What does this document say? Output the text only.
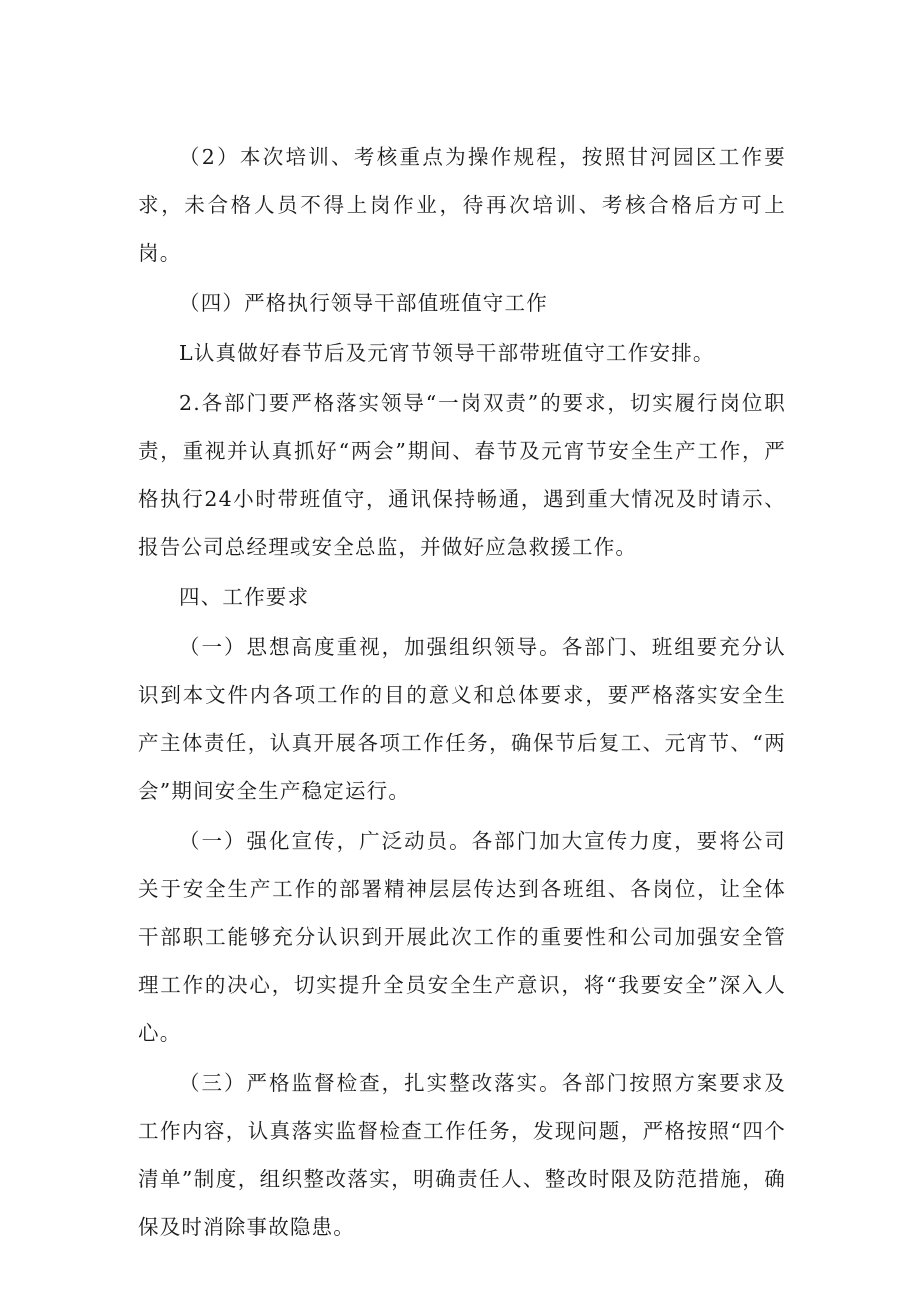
（2）本次培训、考核重点为操作规程，按照甘河园区工作要求，未合格人员不得上岗作业，待再次培训、考核合格后方可上岗。

（四）严格执行领导干部值班值守工作

L认真做好春节后及元宵节领导干部带班值守工作安排。

2.各部门要严格落实领导“一岗双责”的要求，切实履行岗位职责，重视并认真抓好“两会”期间、春节及元宵节安全生产工作，严格执行24小时带班值守，通讯保持畅通，遇到重大情况及时请示、报告公司总经理或安全总监，并做好应急救援工作。

四、工作要求

（一）思想高度重视，加强组织领导。各部门、班组要充分认识到本文件内各项工作的目的意义和总体要求，要严格落实安全生产主体责任，认真开展各项工作任务，确保节后复工、元宵节、“两会”期间安全生产稳定运行。

（一）强化宣传，广泛动员。各部门加大宣传力度，要将公司关于安全生产工作的部署精神层层传达到各班组、各岗位，让全体干部职工能够充分认识到开展此次工作的重要性和公司加强安全管理工作的决心，切实提升全员安全生产意识，将“我要安全”深入人心。

（三）严格监督检查，扎实整改落实。各部门按照方案要求及工作内容，认真落实监督检查工作任务，发现问题，严格按照“四个清单”制度，组织整改落实，明确责任人、整改时限及防范措施，确保及时消除事故隐患。
